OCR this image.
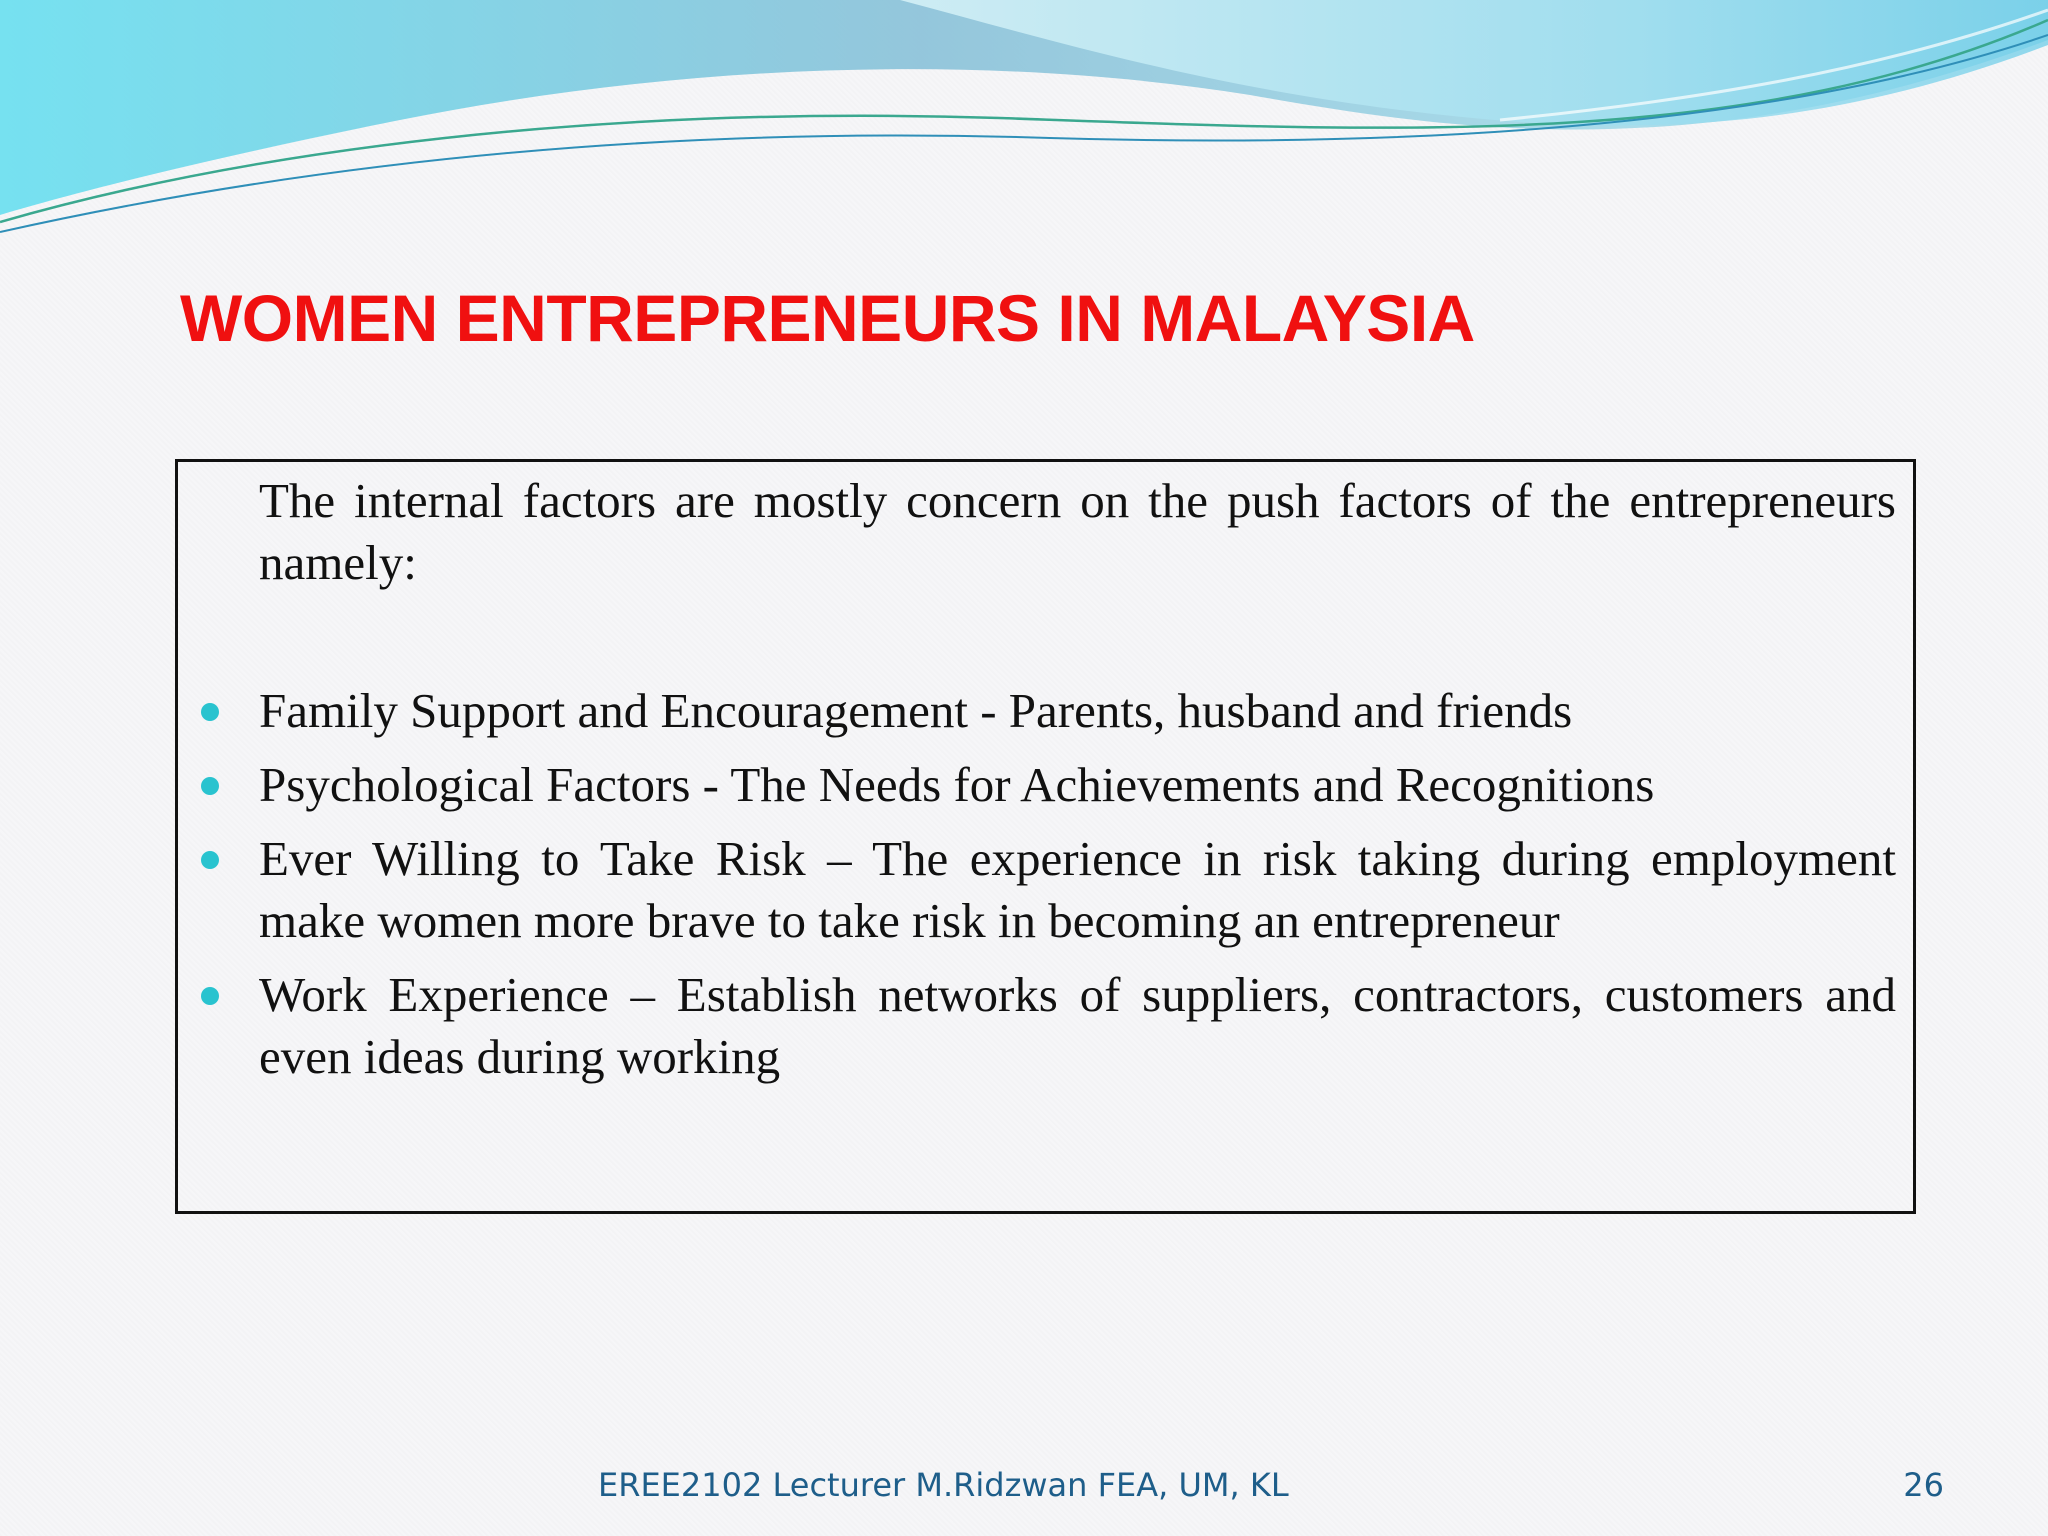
WOMEN ENTREPRENEURS IN MALAYSIA

The internal factors are mostly concern on the push factors of the entrepreneurs namely:

Family Support and Encouragement - Parents, husband and friends
Psychological Factors - The Needs for Achievements and Recognitions
Ever Willing to Take Risk – The experience in risk taking during employment make women more brave to take risk in becoming an entrepreneur
Work Experience – Establish networks of suppliers, contractors, customers and even ideas during working
EREE2102 Lecturer M.Ridzwan FEA, UM, KL	26
